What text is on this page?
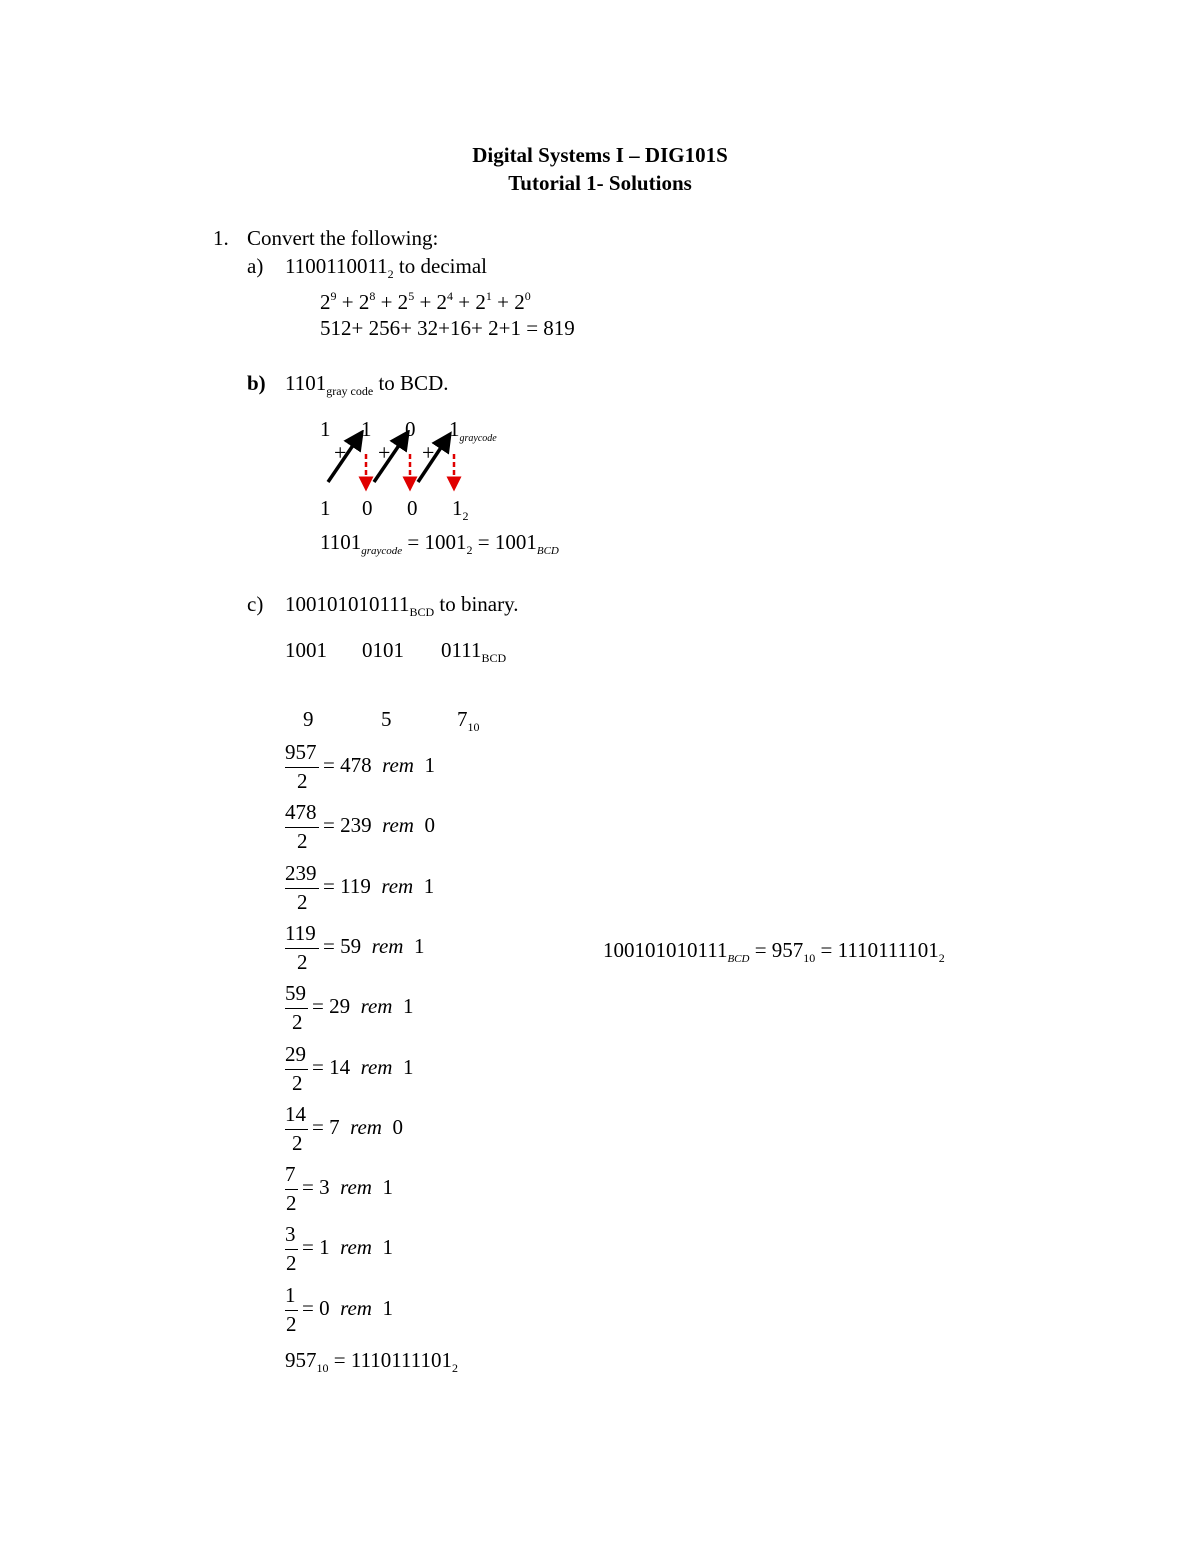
Digital Systems I – DIG101S
Tutorial 1- Solutions
1. Convert the following:
a) $1100110011_2$ to decimal
$2^9 + 2^8 + 2^5 + 2^4 + 2^1 + 2^0$
512+ 256+ 32+16+ 2+1 = 819
b) $1101_{gray code}$ to BCD.
1 1 0 $1_{graycode}$
+ + +
1 0 0 $1_2$
$1101_{graycode} = 1001_2 = 1001_{BCD}$
c) $100101010111_{BCD}$ to binary.
1001 0101 $0111_{BCD}$
9	5	$7_{10}$
957
2
= 478 rem 1
478
2
= 239 rem 0
239
2
= 119 rem 1
119
2
= 59 rem 1
59
2
= 29 rem 1
29
2
= 14 rem 1
14
2
= 7 rem 0
7
2
= 3 rem 1
3
2
= 1 rem 1
1
2
= 0 rem 1
$957_{10} = 1110111101_2$
$100101010111_{BCD} = 957_{10} = 1110111101_2$
